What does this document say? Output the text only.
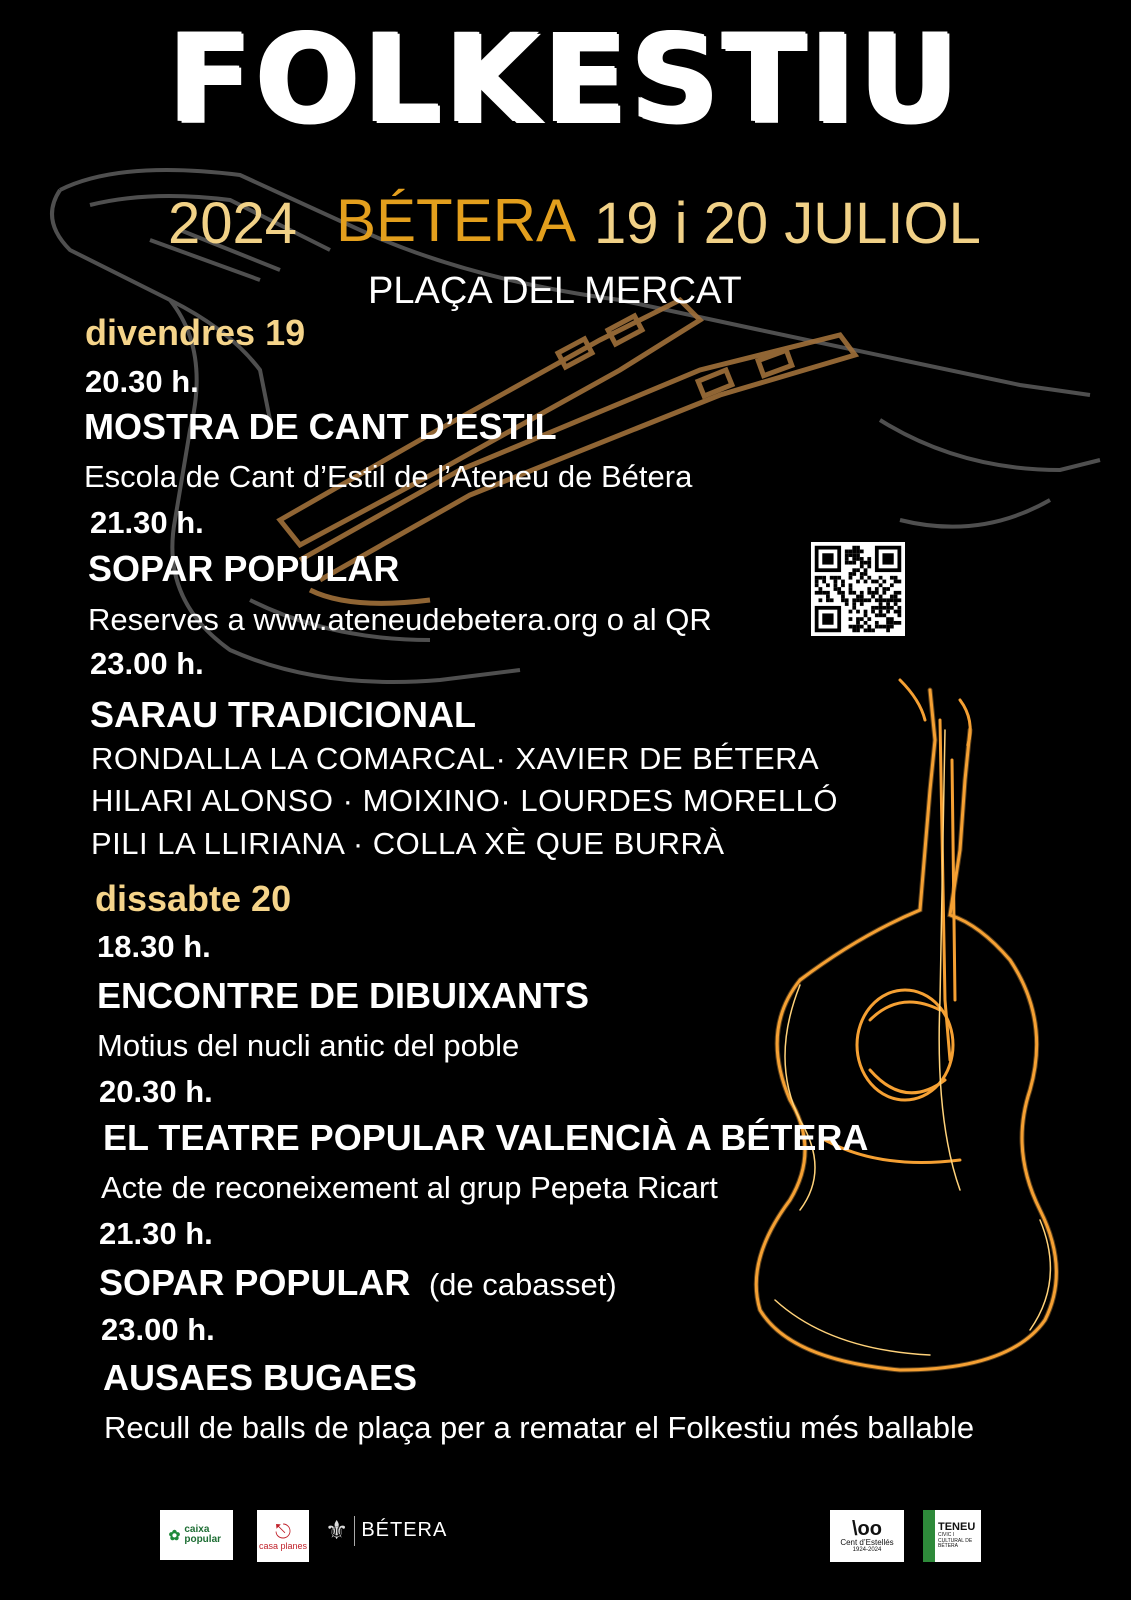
FOLKESTIU
2024 BÉTERA 19 i 20 JULIOL
PLAÇA DEL MERCAT
divendres 19
20.30 h.
MOSTRA DE CANT D’ESTIL
Escola de Cant d’Estil de l’Ateneu de Bétera
21.30 h.
SOPAR POPULAR
Reserves a www.ateneudebetera.org o al QR
23.00 h.
SARAU TRADICIONAL
RONDALLA LA COMARCAL· XAVIER DE BÉTERA
HILARI ALONSO · MOIXINO· LOURDES MORELLÓ
PILI LA LLIRIANA · COLLA XÈ QUE BURRÀ
dissabte 20
18.30 h.
ENCONTRE DE DIBUIXANTS
Motius del nucli antic del poble
20.30 h.
EL TEATRE POPULAR VALENCIÀ A BÉTERA
Acte de reconeixement al grup Pepeta Ricart
21.30 h.
SOPAR POPULAR (de cabasset)
23.00 h.
AUSAES BUGAES
Recull de balls de plaça per a rematar el Folkestiu més ballable
✿ caixa popular	⎋
casa planes
⚜ BÉTERA	\oo
Cent d’Estellés
1924-2024
TENEU
CIVIC I CULTURAL DE BÉTERA
